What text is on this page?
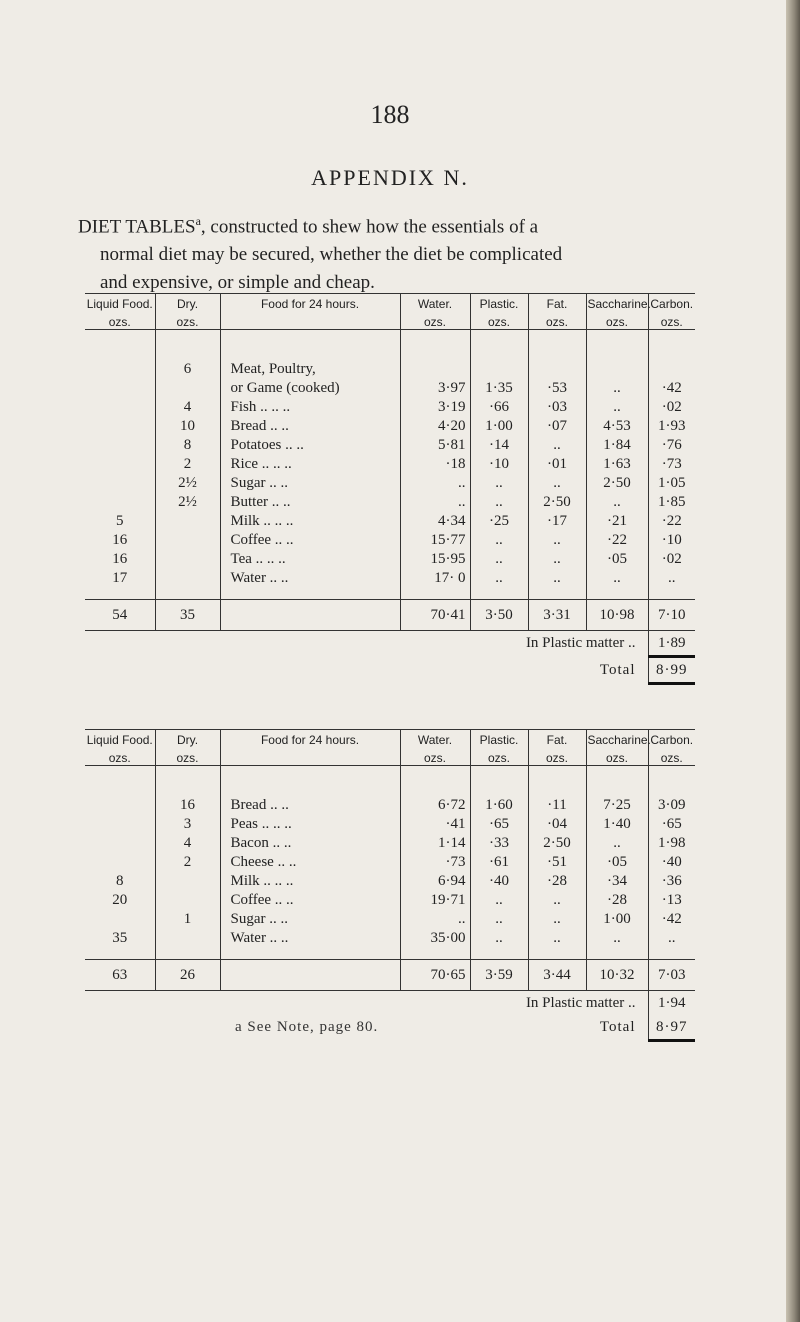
188
APPENDIX N.
DIET TABLES$^a$, constructed to shew how the essentials of a
normal diet may be secured, whether the diet be complicated
and expensive, or simple and cheap.
Liquid Food.
ozs.	Dry.
ozs.	Food for 24 hours.	Water.
ozs.	Plastic.
ozs.	Fat.
ozs.	Saccharine.
ozs.	Carbon.
ozs.

	6	Meat, Poultry,					
		or Game (cooked)	3·97	1·35	·53	..	·42
	4	Fish .. .. ..	3·19	·66	·03	..	·02
	10	Bread .. ..	4·20	1·00	·07	4·53	1·93
	8	Potatoes .. ..	5·81	·14	..	1·84	·76
	2	Rice .. .. ..	·18	·10	·01	1·63	·73
	2½	Sugar .. ..	..	..	..	2·50	1·05
	2½	Butter .. ..	..	..	2·50	..	1·85
5		Milk .. .. ..	4·34	·25	·17	·21	·22
16		Coffee .. ..	15·77	..	..	·22	·10
16		Tea .. .. ..	15·95	..	..	·05	·02
17		Water .. ..	17· 0	..	..	..	..

54	35		70·41	3·50	3·31	10·98	7·10
In Plastic matter ..							1·89
Total							8·99
Liquid Food.
ozs.	Dry.
ozs.	Food for 24 hours.	Water.
ozs.	Plastic.
ozs.	Fat.
ozs.	Saccharine.
ozs.	Carbon.
ozs.

	16	Bread .. ..	6·72	1·60	·11	7·25	3·09
	3	Peas .. .. ..	·41	·65	·04	1·40	·65
	4	Bacon .. ..	1·14	·33	2·50	..	1·98
	2	Cheese .. ..	·73	·61	·51	·05	·40
8		Milk .. .. ..	6·94	·40	·28	·34	·36
20		Coffee .. ..	19·71	..	..	·28	·13
	1	Sugar .. ..	..	..	..	1·00	·42
35		Water .. ..	35·00	..	..	..	..

63	26		70·65	3·59	3·44	10·32	7·03
In Plastic matter ..							1·94
a See Note, page 80.				Total			8·97
